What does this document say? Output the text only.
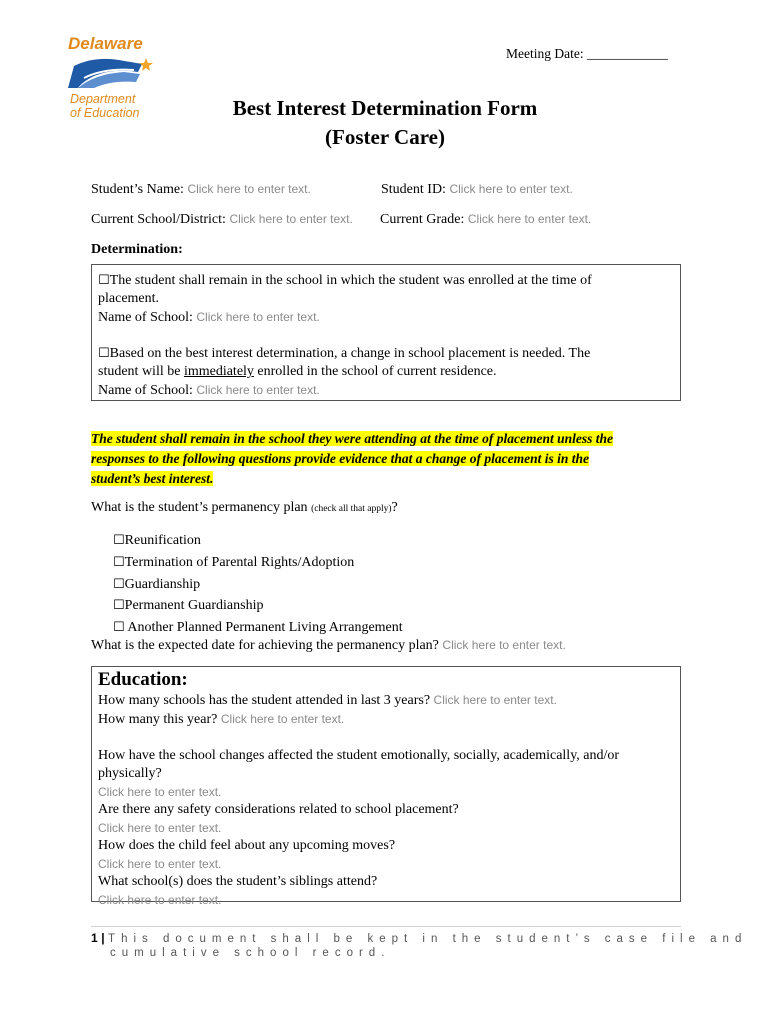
Delaware
Department
of Education
Meeting Date: ____________
Best Interest Determination Form
(Foster Care)
Student’s Name: Click here to enter text.	Student ID: Click here to enter text.
Current School/District: Click here to enter text. Current Grade: Click here to enter text.
Determination:
☐The student shall remain in the school in which the student was enrolled at the time of
placement.
Name of School: Click here to enter text.
☐Based on the best interest determination, a change in school placement is needed. The
student will be immediately enrolled in the school of current residence.
Name of School: Click here to enter text.
The student shall remain in the school they were attending at the time of placement unless the
responses to the following questions provide evidence that a change of placement is in the
student’s best interest.
What is the student’s permanency plan (check all that apply)?
☐Reunification
☐Termination of Parental Rights/Adoption
☐Guardianship
☐Permanent Guardianship
☐ Another Planned Permanent Living Arrangement
What is the expected date for achieving the permanency plan? Click here to enter text.
Education:
How many schools has the student attended in last 3 years? Click here to enter text.
How many this year? Click here to enter text.
How have the school changes affected the student emotionally, socially, academically, and/or
physically?
Click here to enter text.
Are there any safety considerations related to school placement?
Click here to enter text.
How does the child feel about any upcoming moves?
Click here to enter text.
What school(s) does the student’s siblings attend?
Click here to enter text.
1 | This document shall be kept in the student’s case file and
cumulative school record.
